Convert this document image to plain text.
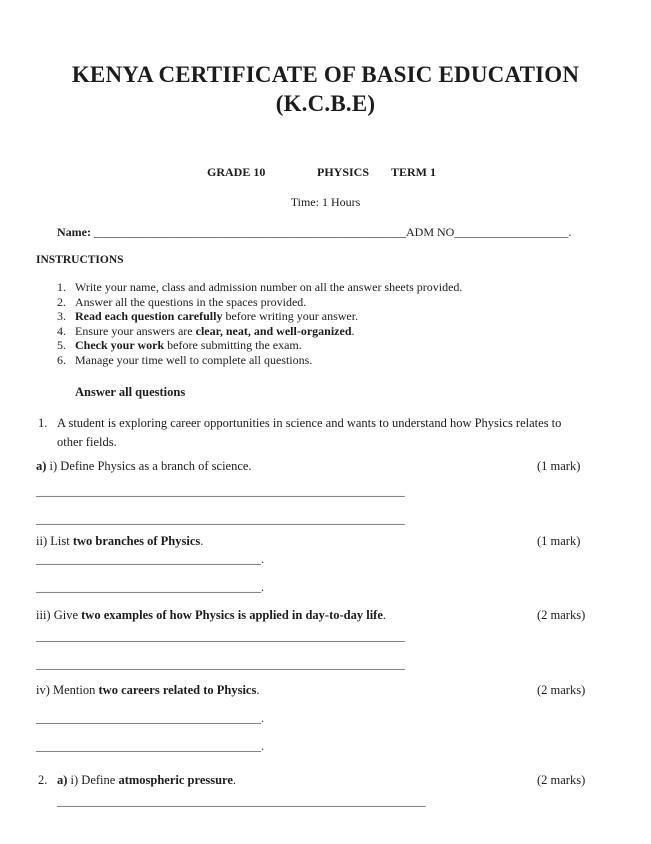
KENYA CERTIFICATE OF BASIC EDUCATION
(K.C.B.E)
GRADE 10	PHYSICS TERM 1
Time: 1 Hours
Name: ____________________________________________________ADM NO___________________.
INSTRUCTIONS
1. Write your name, class and admission number on all the answer sheets provided.
2. Answer all the questions in the spaces provided.
3. Read each question carefully before writing your answer.
4. Ensure your answers are clear, neat, and well-organized.
5. Check your work before submitting the exam.
6. Manage your time well to complete all questions.
Answer all questions
1. A student is exploring career opportunities in science and wants to understand how Physics relates to
other fields.
a) i) Define Physics as a branch of science.	(1 mark)
___________________________________________________________
___________________________________________________________
ii) List two branches of Physics.	(1 mark)
____________________________________.
____________________________________.
iii) Give two examples of how Physics is applied in day-to-day life.	(2 marks)
___________________________________________________________
___________________________________________________________
iv) Mention two careers related to Physics.	(2 marks)
____________________________________.
____________________________________.
2. a) i) Define atmospheric pressure.	(2 marks)
___________________________________________________________
